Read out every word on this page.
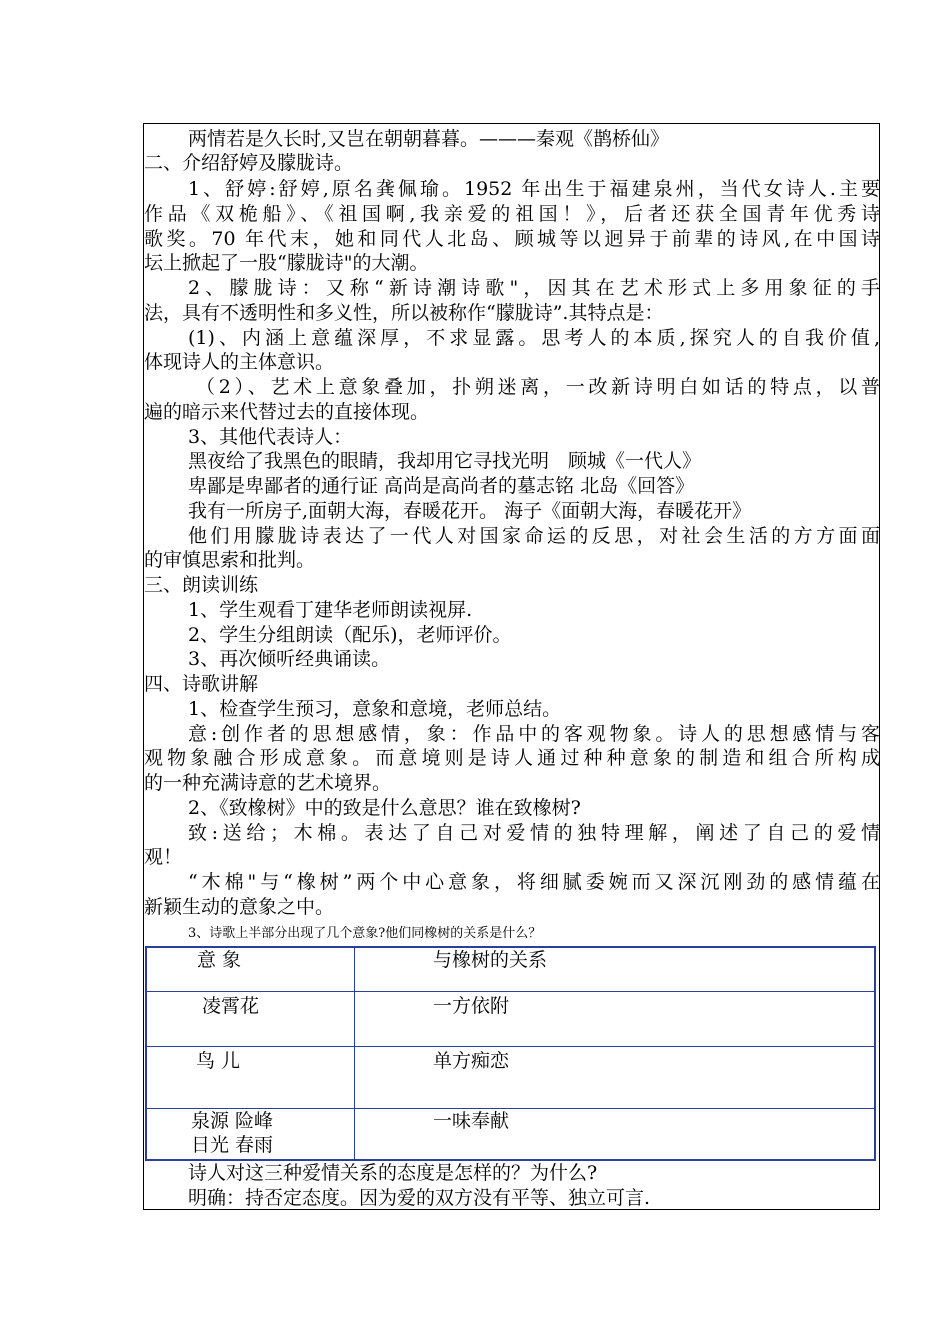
两情若是久长时,又岂在朝朝暮暮。———秦观《鹊桥仙》
二、介绍舒婷及朦胧诗。
1、舒婷:舒婷,原名龚佩瑜。1952 年出生于福建泉州，当代女诗人.主要
作品《双桅船》、《祖国啊,我亲爱的祖国！》，后者还获全国青年优秀诗
歌奖。70 年代末，她和同代人北岛、顾城等以迥异于前辈的诗风,在中国诗
坛上掀起了一股“朦胧诗"的大潮。
2、朦胧诗：又称“新诗潮诗歌"，因其在艺术形式上多用象征的手
法，具有不透明性和多义性，所以被称作“朦胧诗”.其特点是：
(1)、内涵上意蕴深厚，不求显露。思考人的本质,探究人的自我价值,
体现诗人的主体意识。
（2）、艺术上意象叠加，扑朔迷离，一改新诗明白如话的特点，以普
遍的暗示来代替过去的直接体现。
3、其他代表诗人：
黑夜给了我黑色的眼睛，我却用它寻找光明　顾城《一代人》
卑鄙是卑鄙者的通行证 高尚是高尚者的墓志铭 北岛《回答》
我有一所房子,面朝大海，春暖花开。 海子《面朝大海，春暖花开》
他们用朦胧诗表达了一代人对国家命运的反思，对社会生活的方方面面
的审慎思索和批判。
三、朗读训练
1、学生观看丁建华老师朗读视屏.
2、学生分组朗读（配乐)，老师评价。
3、再次倾听经典诵读。
四、诗歌讲解
1、检查学生预习，意象和意境，老师总结。
意:创作者的思想感情，象：作品中的客观物象。诗人的思想感情与客
观物象融合形成意象。而意境则是诗人通过种种意象的制造和组合所构成
的一种充满诗意的艺术境界。
2、《致橡树》中的致是什么意思？谁在致橡树?
致:送给；木棉。表达了自己对爱情的独特理解，阐述了自己的爱情
观！
“木棉"与“橡树”两个中心意象，将细腻委婉而又深沉刚劲的感情蕴在
新颖生动的意象之中。
3、诗歌上半部分出现了几个意象?他们同橡树的关系是什么？
意 象	与橡树的关系

凌霄花	一方依附

鸟 儿	单方痴恋

泉源 险峰
日光 春雨	一味奉献
诗人对这三种爱情关系的态度是怎样的？为什么?
明确：持否定态度。因为爱的双方没有平等、独立可言.
